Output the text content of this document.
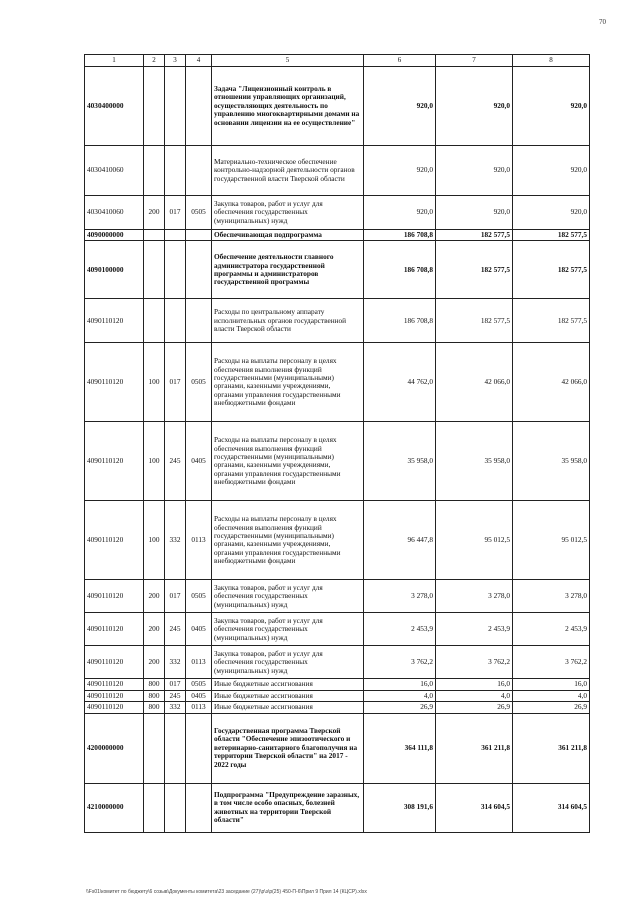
70
1	2	3	4	5	6	7	8
4030400000				Задача "Лицензионный контроль в отношении управляющих организаций, осуществляющих деятельность по управлению многоквартирными домами на основании лицензии на ее осуществление"	920,0	920,0	920,0
4030410060				Материально-техническое обеспечение контрольно-надзорной деятельности органов государственной власти Тверской области	920,0	920,0	920,0
4030410060	200	017	0505	Закупка товаров, работ и услуг для обеспечения государственных (муниципальных) нужд	920,0	920,0	920,0
4090000000				Обеспечивающая подпрограмма	186 708,8	182 577,5	182 577,5
4090100000				Обеспечение деятельности главного администратора государственной программы и администраторов государственной программы	186 708,8	182 577,5	182 577,5
4090110120				Расходы по центральному аппарату исполнительных органов государственной власти Тверской области	186 708,8	182 577,5	182 577,5
4090110120	100	017	0505	Расходы на выплаты персоналу в целях обеспечения выполнения функций государственными (муниципальными) органами, казенными учреждениями, органами управления государственными внебюджетными фондами	44 762,0	42 066,0	42 066,0
4090110120	100	245	0405	Расходы на выплаты персоналу в целях обеспечения выполнения функций государственными (муниципальными) органами, казенными учреждениями, органами управления государственными внебюджетными фондами	35 958,0	35 958,0	35 958,0
4090110120	100	332	0113	Расходы на выплаты персоналу в целях обеспечения выполнения функций государственными (муниципальными) органами, казенными учреждениями, органами управления государственными внебюджетными фондами	96 447,8	95 012,5	95 012,5
4090110120	200	017	0505	Закупка товаров, работ и услуг для обеспечения государственных (муниципальных) нужд	3 278,0	3 278,0	3 278,0
4090110120	200	245	0405	Закупка товаров, работ и услуг для обеспечения государственных (муниципальных) нужд	2 453,9	2 453,9	2 453,9
4090110120	200	332	0113	Закупка товаров, работ и услуг для обеспечения государственных (муниципальных) нужд	3 762,2	3 762,2	3 762,2
4090110120	800	017	0505	Иные бюджетные ассигнования	16,0	16,0	16,0
4090110120	800	245	0405	Иные бюджетные ассигнования	4,0	4,0	4,0
4090110120	800	332	0113	Иные бюджетные ассигнования	26,9	26,9	26,9
4200000000				Государственная программа Тверской области "Обеспечение эпизоотического и ветеринарно-санитарного благополучия на территории Тверской области" на 2017 - 2022 годы	364 111,8	361 211,8	361 211,8
4210000000				Подпрограмма "Предупреждение заразных, в том числе особо опасных, болезней животных на территории Тверской области"	308 191,6	314 604,5	314 604,5
\\Fs01\комитет по бюджету\6 созыв\Документы комитета\23 заседание (27)\р\з\р(25) 450-П-6\Прил 9 Прил 14 (КЦСР).xlsx
